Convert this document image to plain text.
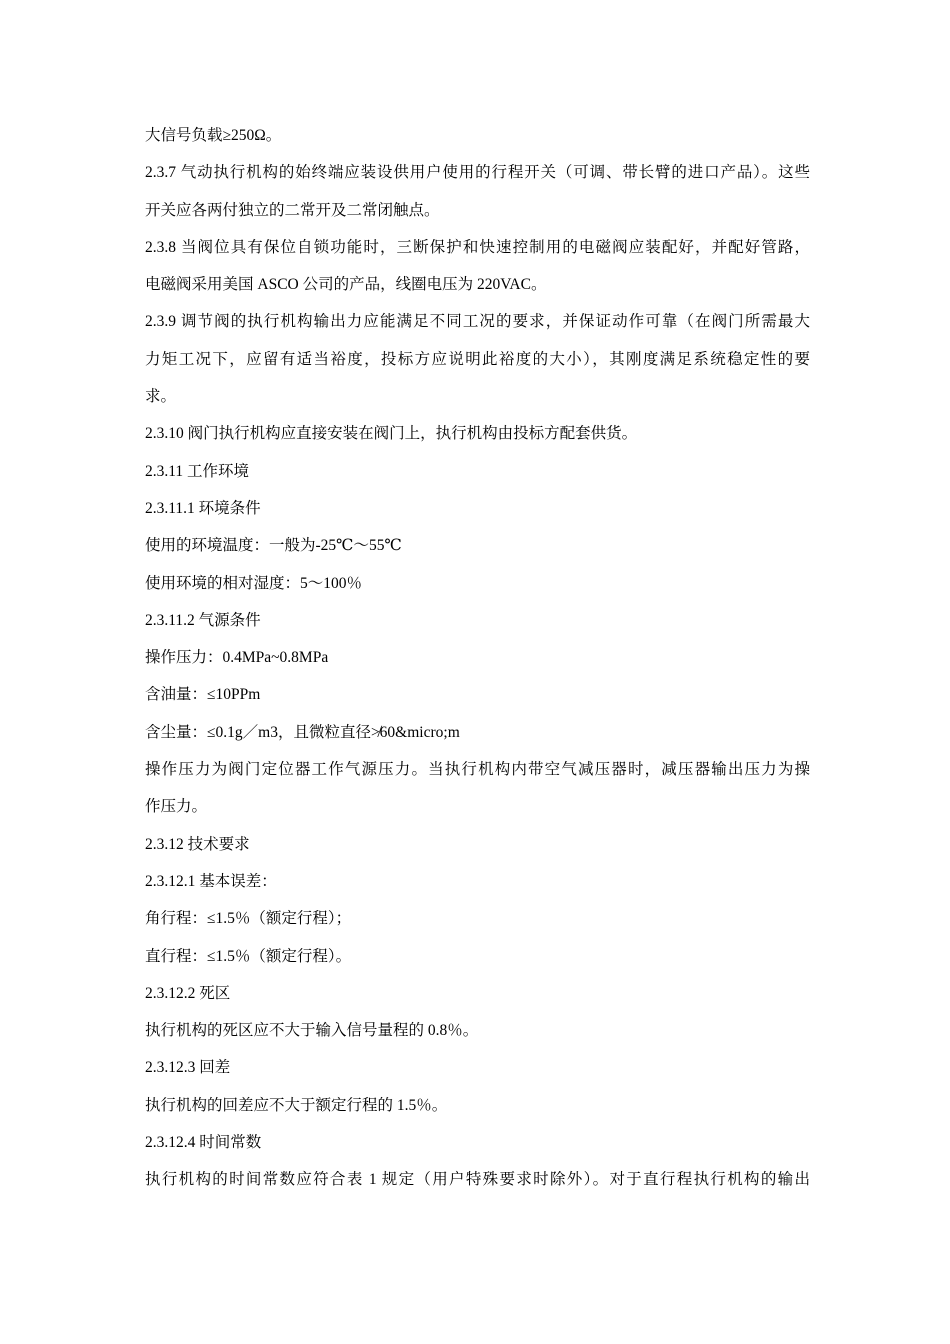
大信号负载≥250Ω。
2.3.7 气动执行机构的始终端应装设供用户使用的行程开关（可调、带长臂的进口产品）。这些
开关应各两付独立的二常开及二常闭触点。
2.3.8 当阀位具有保位自锁功能时，三断保护和快速控制用的电磁阀应装配好，并配好管路，
电磁阀采用美国 ASCO 公司的产品，线圈电压为 220VAC。
2.3.9 调节阀的执行机构输出力应能满足不同工况的要求，并保证动作可靠（在阀门所需最大
力矩工况下，应留有适当裕度，投标方应说明此裕度的大小），其刚度满足系统稳定性的要
求。
2.3.10 阀门执行机构应直接安装在阀门上，执行机构由投标方配套供货。
2.3.11 工作环境
2.3.11.1 环境条件
使用的环境温度：一般为-25℃～55℃
使用环境的相对湿度：5～100％
2.3.11.2 气源条件
操作压力：0.4MPa~0.8MPa
含油量：≤10PPm
含尘量：≤0.1g／m3，且微粒直径≯60&micro;m
操作压力为阀门定位器工作气源压力。当执行机构内带空气减压器时，减压器输出压力为操
作压力。
2.3.12 技术要求
2.3.12.1 基本误差：
角行程：≤1.5％（额定行程）；
直行程：≤1.5％（额定行程）。
2.3.12.2 死区
执行机构的死区应不大于输入信号量程的 0.8％。
2.3.12.3 回差
执行机构的回差应不大于额定行程的 1.5％。
2.3.12.4 时间常数
执行机构的时间常数应符合表 1 规定（用户特殊要求时除外）。对于直行程执行机构的输出
